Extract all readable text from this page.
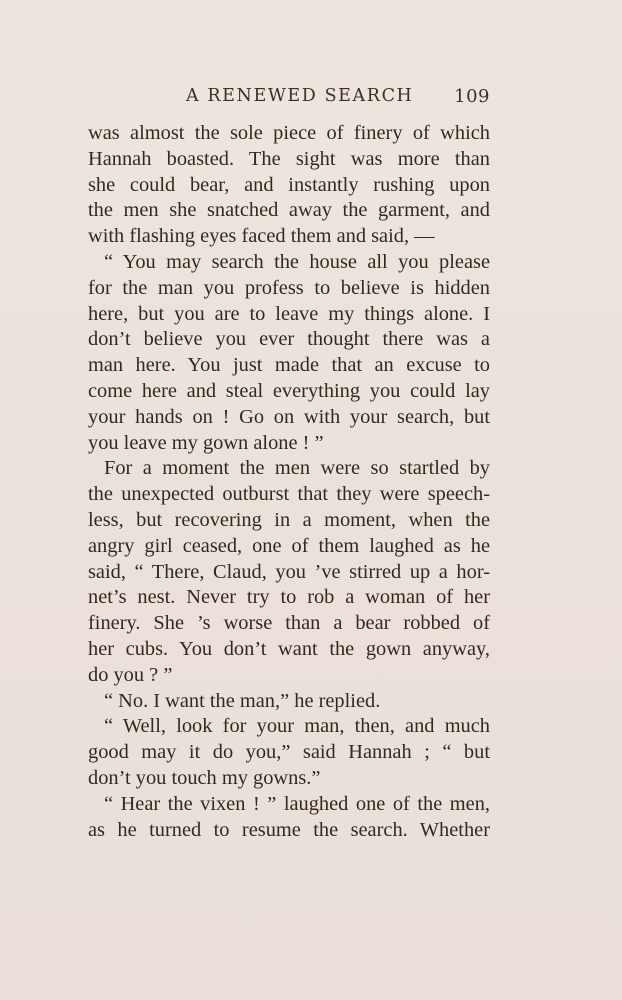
A RENEWED SEARCH 109
was almost the sole piece of finery of which
Hannah boasted. The sight was more than
she could bear, and instantly rushing upon
the men she snatched away the garment, and
with flashing eyes faced them and said, —
“ You may search the house all you please
for the man you profess to believe is hidden
here, but you are to leave my things alone. I
don’t believe you ever thought there was a
man here. You just made that an excuse to
come here and steal everything you could lay
your hands on ! Go on with your search, but
you leave my gown alone ! ”
For a moment the men were so startled by
the unexpected outburst that they were speech-
less, but recovering in a moment, when the
angry girl ceased, one of them laughed as he
said, “ There, Claud, you ’ve stirred up a hor-
net’s nest. Never try to rob a woman of her
finery. She ’s worse than a bear robbed of
her cubs. You don’t want the gown anyway,
do you ? ”
“ No. I want the man,” he replied.
“ Well, look for your man, then, and much
good may it do you,” said Hannah ; “ but
don’t you touch my gowns.”
“ Hear the vixen ! ” laughed one of the men,
as he turned to resume the search. Whether
